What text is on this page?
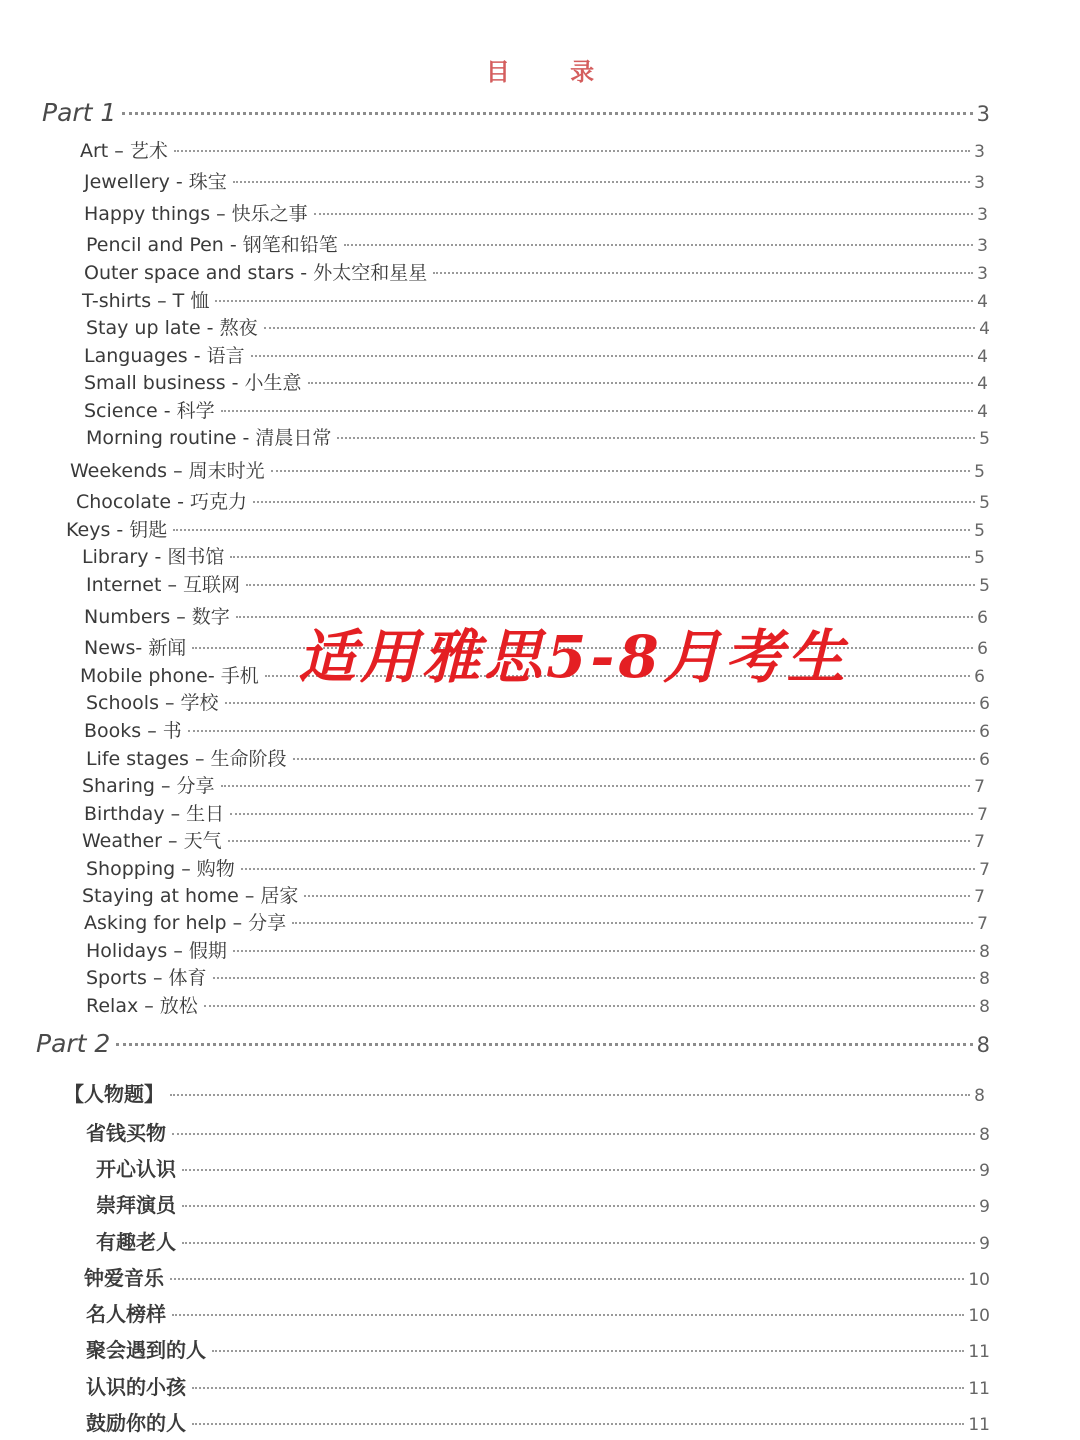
目 录
Part 1	3
Art – 艺术	3
Jewellery - 珠宝	3
Happy things – 快乐之事	3
Pencil and Pen - 钢笔和铅笔	3
Outer space and stars - 外太空和星星	3
T-shirts – T 恤	4
Stay up late - 熬夜	4
Languages - 语言	4
Small business - 小生意	4
Science - 科学	4
Morning routine - 清晨日常	5
Weekends – 周末时光	5
Chocolate - 巧克力	5
Keys - 钥匙	5
Library - 图书馆	5
Internet – 互联网	5
Numbers – 数字	6
News- 新闻	6
Mobile phone- 手机	6
Schools – 学校	6
Books – 书	6
Life stages – 生命阶段	6
Sharing – 分享	7
Birthday – 生日	7
Weather – 天气	7
Shopping – 购物	7
Staying at home – 居家	7
Asking for help – 分享	7
Holidays – 假期	8
Sports – 体育	8
Relax – 放松	8
Part 2	8
【人物题】	8
省钱买物	8
开心认识	9
崇拜演员	9
有趣老人	9
钟爱音乐	10
名人榜样	10
聚会遇到的人	11
认识的小孩	11
鼓励你的人	11
适用雅思5-8月考生
